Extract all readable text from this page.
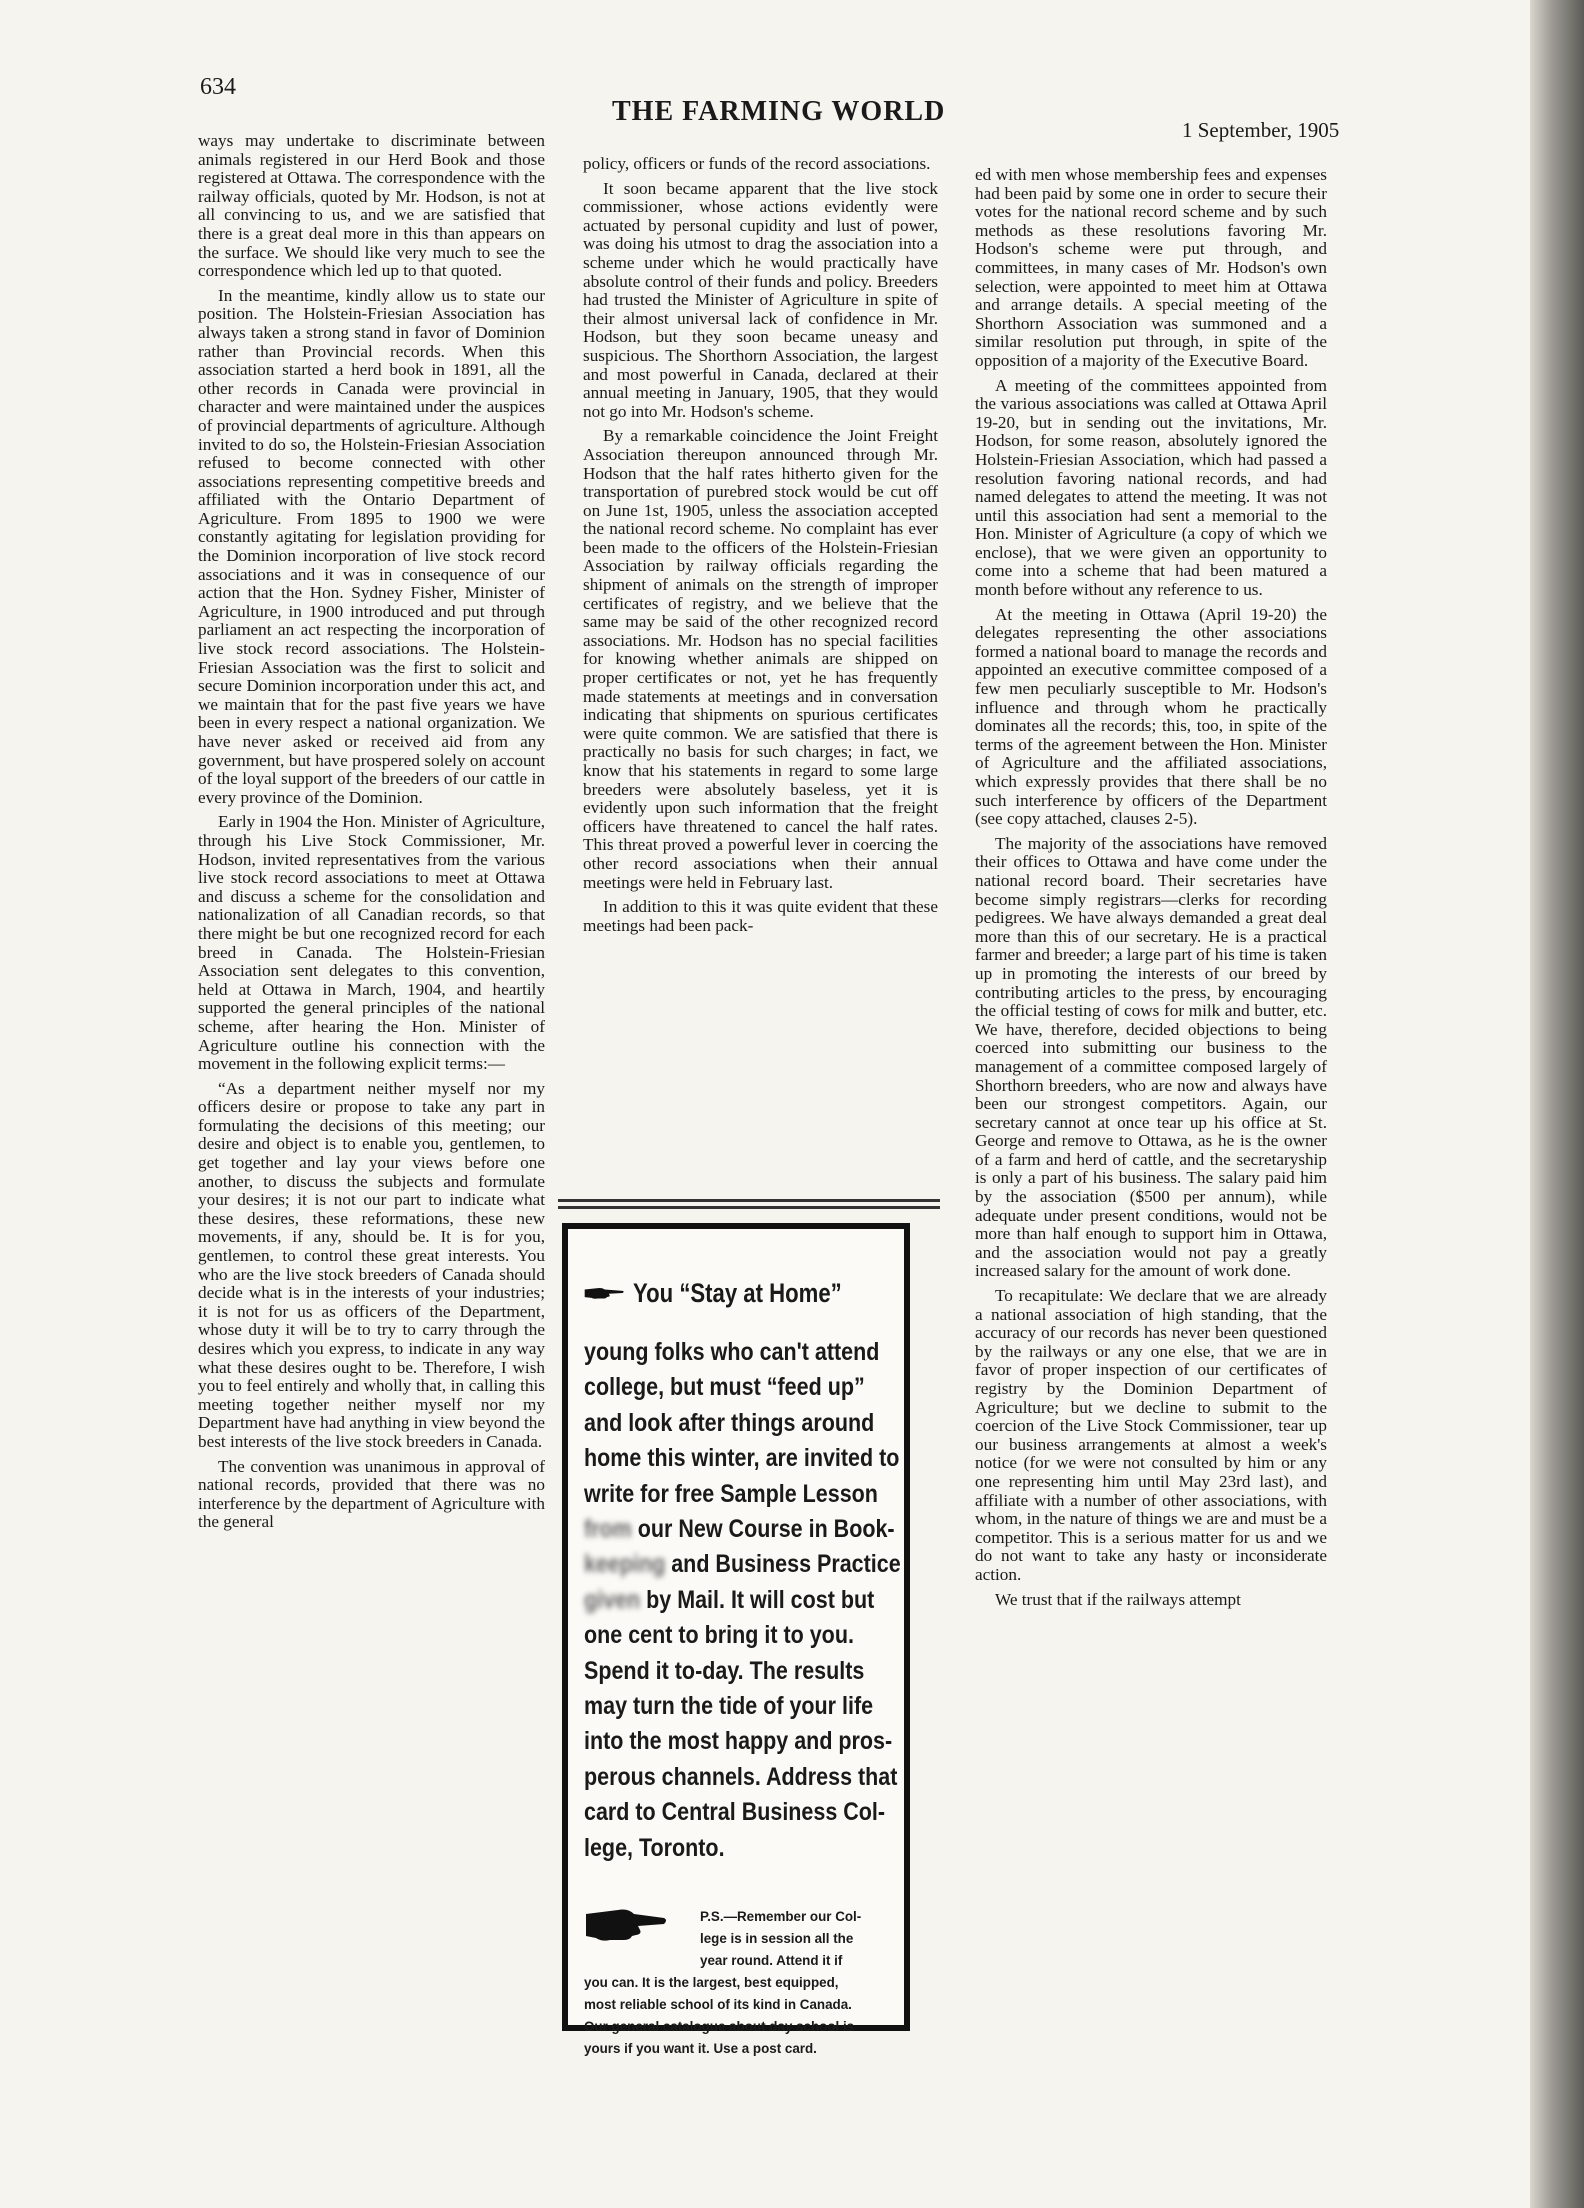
634
THE FARMING WORLD
1 September, 1905

ways may undertake to discriminate between animals registered in our Herd Book and those registered at Ottawa. The correspondence with the railway officials, quoted by Mr. Hodson, is not at all convincing to us, and we are satisfied that there is a great deal more in this than appears on the surface. We should like very much to see the correspondence which led up to that quoted.

In the meantime, kindly allow us to state our position. The Holstein-Friesian Association has always taken a strong stand in favor of Dominion rather than Provincial records. When this association started a herd book in 1891, all the other records in Canada were provincial in character and were maintained under the auspices of provincial departments of agriculture. Although invited to do so, the Holstein-Friesian Association refused to become connected with other associations representing competitive breeds and affiliated with the Ontario Department of Agriculture. From 1895 to 1900 we were constantly agitating for legislation providing for the Dominion incorporation of live stock record associations and it was in consequence of our action that the Hon. Sydney Fisher, Minister of Agriculture, in 1900 introduced and put through parliament an act respecting the incorporation of live stock record associations. The Holstein-Friesian Association was the first to solicit and secure Dominion incorporation under this act, and we maintain that for the past five years we have been in every respect a national organization. We have never asked or received aid from any government, but have prospered solely on account of the loyal support of the breeders of our cattle in every province of the Dominion.

Early in 1904 the Hon. Minister of Agriculture, through his Live Stock Commissioner, Mr. Hodson, invited representatives from the various live stock record associations to meet at Ottawa and discuss a scheme for the consolidation and nationalization of all Canadian records, so that there might be but one recognized record for each breed in Canada. The Holstein-Friesian Association sent delegates to this convention, held at Ottawa in March, 1904, and heartily supported the general principles of the national scheme, after hearing the Hon. Minister of Agriculture outline his connection with the movement in the following explicit terms:—

“As a department neither myself nor my officers desire or propose to take any part in formulating the decisions of this meeting; our desire and object is to enable you, gentlemen, to get together and lay your views before one another, to discuss the subjects and formulate your desires; it is not our part to indicate what these desires, these reformations, these new movements, if any, should be. It is for you, gentlemen, to control these great interests. You who are the live stock breeders of Canada should decide what is in the interests of your industries; it is not for us as officers of the Department, whose duty it will be to try to carry through the desires which you express, to indicate in any way what these desires ought to be. Therefore, I wish you to feel entirely and wholly that, in calling this meeting together neither myself nor my Department have had anything in view beyond the best interests of the live stock breeders in Canada.

The convention was unanimous in approval of national records, provided that there was no interference by the department of Agriculture with the general

policy, officers or funds of the record associations.

It soon became apparent that the live stock commissioner, whose actions evidently were actuated by personal cupidity and lust of power, was doing his utmost to drag the association into a scheme under which he would practically have absolute control of their funds and policy. Breeders had trusted the Minister of Agriculture in spite of their almost universal lack of confidence in Mr. Hodson, but they soon became uneasy and suspicious. The Shorthorn Association, the largest and most powerful in Canada, declared at their annual meeting in January, 1905, that they would not go into Mr. Hodson's scheme.

By a remarkable coincidence the Joint Freight Association thereupon announced through Mr. Hodson that the half rates hitherto given for the transportation of purebred stock would be cut off on June 1st, 1905, unless the association accepted the national record scheme. No complaint has ever been made to the officers of the Holstein-Friesian Association by railway officials regarding the shipment of animals on the strength of improper certificates of registry, and we believe that the same may be said of the other recognized record associations. Mr. Hodson has no special facilities for knowing whether animals are shipped on proper certificates or not, yet he has frequently made statements at meetings and in conversation indicating that shipments on spurious certificates were quite common. We are satisfied that there is practically no basis for such charges; in fact, we know that his statements in regard to some large breeders were absolutely baseless, yet it is evidently upon such information that the freight officers have threatened to cancel the half rates. This threat proved a powerful lever in coercing the other record associations when their annual meetings were held in February last.

In addition to this it was quite evident that these meetings had been pack-

You “Stay at Home”
young folks who can't attend
college, but must “feed up”
and look after things around
home this winter, are invited to
write for free Sample Lesson
from our New Course in Book-
keeping and Business Practice
given by Mail. It will cost but
one cent to bring it to you.
Spend it to-day. The results
may turn the tide of your life
into the most happy and pros-
perous channels. Address that
card to Central Business Col-
lege, Toronto.
P.S.—Remember our Col-
lege is in session all the
year round. Attend it if
you can. It is the largest, best equipped,
most reliable school of its kind in Canada.
Our general catalogue about day school is
yours if you want it. Use a post card.

ed with men whose membership fees and expenses had been paid by some one in order to secure their votes for the national record scheme and by such methods as these resolutions favoring Mr. Hodson's scheme were put through, and committees, in many cases of Mr. Hodson's own selection, were appointed to meet him at Ottawa and arrange details. A special meeting of the Shorthorn Association was summoned and a similar resolution put through, in spite of the opposition of a majority of the Executive Board.

A meeting of the committees appointed from the various associations was called at Ottawa April 19-20, but in sending out the invitations, Mr. Hodson, for some reason, absolutely ignored the Holstein-Friesian Association, which had passed a resolution favoring national records, and had named delegates to attend the meeting. It was not until this association had sent a memorial to the Hon. Minister of Agriculture (a copy of which we enclose), that we were given an opportunity to come into a scheme that had been matured a month before without any reference to us.

At the meeting in Ottawa (April 19-20) the delegates representing the other associations formed a national board to manage the records and appointed an executive committee composed of a few men peculiarly susceptible to Mr. Hodson's influence and through whom he practically dominates all the records; this, too, in spite of the terms of the agreement between the Hon. Minister of Agriculture and the affiliated associations, which expressly provides that there shall be no such interference by officers of the Department (see copy attached, clauses 2-5).

The majority of the associations have removed their offices to Ottawa and have come under the national record board. Their secretaries have become simply registrars—clerks for recording pedigrees. We have always demanded a great deal more than this of our secretary. He is a practical farmer and breeder; a large part of his time is taken up in promoting the interests of our breed by contributing articles to the press, by encouraging the official testing of cows for milk and butter, etc. We have, therefore, decided objections to being coerced into submitting our business to the management of a committee composed largely of Shorthorn breeders, who are now and always have been our strongest competitors. Again, our secretary cannot at once tear up his office at St. George and remove to Ottawa, as he is the owner of a farm and herd of cattle, and the secretaryship is only a part of his business. The salary paid him by the association ($500 per annum), while adequate under present conditions, would not be more than half enough to support him in Ottawa, and the association would not pay a greatly increased salary for the amount of work done.

To recapitulate: We declare that we are already a national association of high standing, that the accuracy of our records has never been questioned by the railways or any one else, that we are in favor of proper inspection of our certificates of registry by the Dominion Department of Agriculture; but we decline to submit to the coercion of the Live Stock Commissioner, tear up our business arrangements at almost a week's notice (for we were not consulted by him or any one representing him until May 23rd last), and affiliate with a number of other associations, with whom, in the nature of things we are and must be a competitor. This is a serious matter for us and we do not want to take any hasty or inconsiderate action.

We trust that if the railways attempt
